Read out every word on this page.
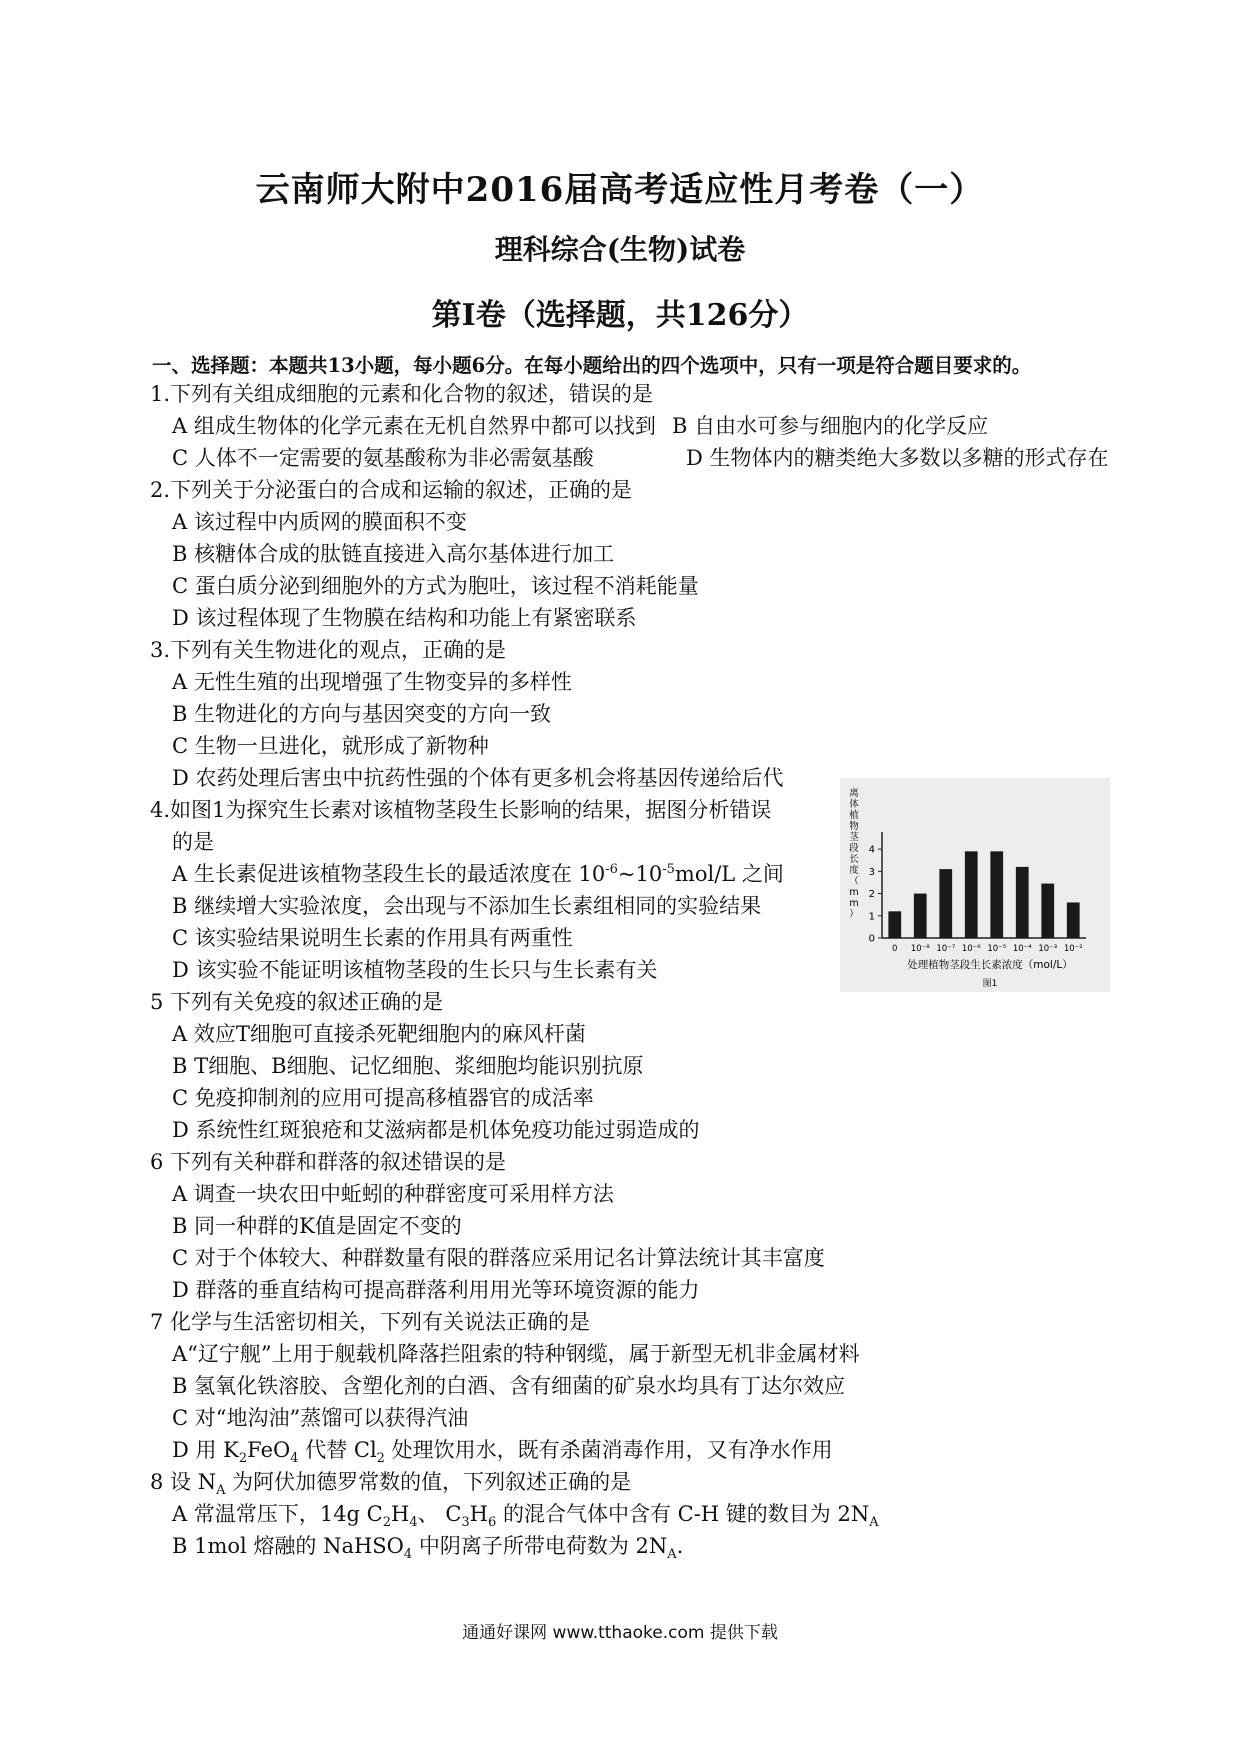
云南师大附中2016届高考适应性月考卷（一）
理科综合(生物)试卷
第Ⅰ卷（选择题，共126分）
一、选择题：本题共13小题，每小题6分。在每小题给出的四个选项中，只有一项是符合题目要求的。
1.下列有关组成细胞的元素和化合物的叙述，错误的是
A 组成生物体的化学元素在无机自然界中都可以找到 B 自由水可参与细胞内的化学反应
C 人体不一定需要的氨基酸称为非必需氨基酸	D 生物体内的糖类绝大多数以多糖的形式存在
2.下列关于分泌蛋白的合成和运输的叙述，正确的是
A 该过程中内质网的膜面积不变
B 核糖体合成的肽链直接进入高尔基体进行加工
C 蛋白质分泌到细胞外的方式为胞吐，该过程不消耗能量
D 该过程体现了生物膜在结构和功能上有紧密联系
3.下列有关生物进化的观点，正确的是
A 无性生殖的出现增强了生物变异的多样性
B 生物进化的方向与基因突变的方向一致
C 生物一旦进化，就形成了新物种
D 农药处理后害虫中抗药性强的个体有更多机会将基因传递给后代
4.如图1为探究生长素对该植物茎段生长影响的结果，据图分析错误
的是
A 生长素促进该植物茎段生长的最适浓度在 $10^{-6}\sim 10^{-5}mol/L$ 之间
B 继续增大实验浓度，会出现与不添加生长素组相同的实验结果
C 该实验结果说明生长素的作用具有两重性
D 该实验不能证明该植物茎段的生长只与生长素有关
离
体
植
物
茎
段
长
度
（
m
m
）
0
1
2
3
4
0 10⁻⁸ 10⁻⁷ 10⁻⁶ 10⁻⁵ 10⁻⁴ 10⁻³ 10⁻²
处理植物茎段生长素浓度（mol/L）
图1
5 下列有关免疫的叙述正确的是
A 效应T细胞可直接杀死靶细胞内的麻风杆菌
B T细胞、B细胞、记忆细胞、浆细胞均能识别抗原
C 免疫抑制剂的应用可提高移植器官的成活率
D 系统性红斑狼疮和艾滋病都是机体免疫功能过弱造成的
6 下列有关种群和群落的叙述错误的是
A 调查一块农田中蚯蚓的种群密度可采用样方法
B 同一种群的K值是固定不变的
C 对于个体较大、种群数量有限的群落应采用记名计算法统计其丰富度
D 群落的垂直结构可提高群落利用用光等环境资源的能力
7 化学与生活密切相关，下列有关说法正确的是
A“辽宁舰”上用于舰载机降落拦阻索的特种钢缆，属于新型无机非金属材料
B 氢氧化铁溶胶、含塑化剂的白酒、含有细菌的矿泉水均具有丁达尔效应
C 对“地沟油”蒸馏可以获得汽油
D 用 $K_2FeO_4$ 代替 $Cl_2$ 处理饮用水，既有杀菌消毒作用，又有净水作用
8 设 $N_A$ 为阿伏加德罗常数的值，下列叙述正确的是
A 常温常压下，14g $C_2H_4$、 $C_3H_6$ 的混合气体中含有 C-H 键的数目为 $2N_A$
B 1mol 熔融的 NaHSO$_4$ 中阴离子所带电荷数为 $2N_A$.
通通好课网 www.tthaoke.com 提供下载
